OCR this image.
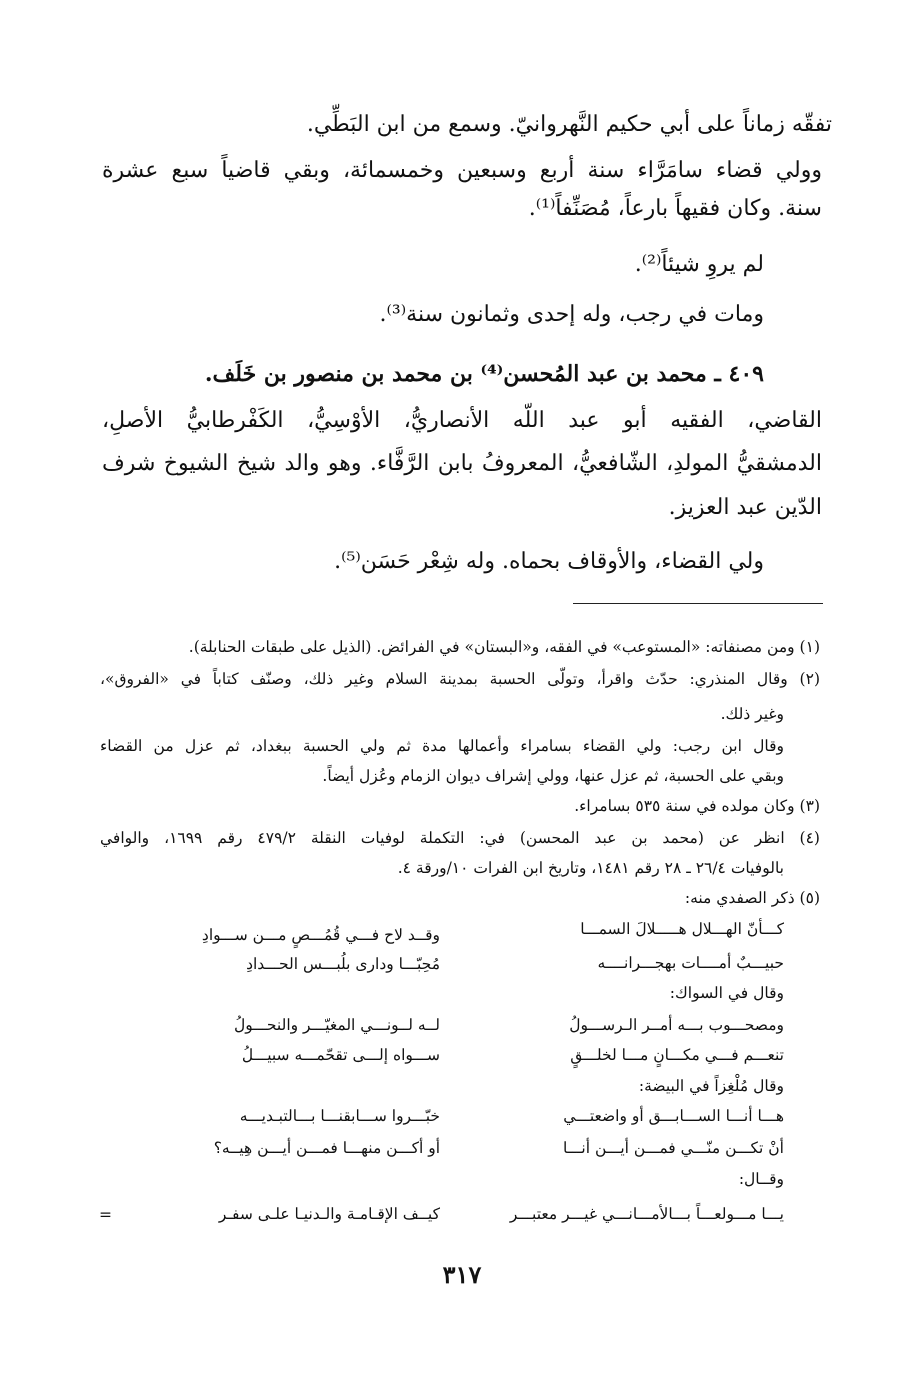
تفقّه زماناً على أبي حكيم النَّهروانيّ. وسمع من ابن البَطِّي.
وولي قضاء سامَرَّاء سنة أربع وسبعين وخمسمائة، وبقي قاضياً سبع عشرة
سنة. وكان فقيهاً بارعاً، مُصَنِّفاً⁽¹⁾.
لم يروِ شيئاً⁽²⁾.
ومات في رجب، وله إحدى وثمانون سنة⁽³⁾.
٤٠٩ ـ محمد بن عبد المُحسن⁽⁴⁾ بن محمد بن منصور بن خَلَف.
القاضي، الفقيه أبو عبد اللّه الأنصاريُّ، الأوْسِيُّ، الكَفْرطابيُّ الأصلِ،
الدمشقيُّ المولدِ، الشّافعيُّ، المعروفُ بابن الرَّفَّاء. وهو والد شيخ الشيوخ شرف
الدّين عبد العزيز.
ولي القضاء، والأوقاف بحماه. وله شِعْر حَسَن⁽⁵⁾.
(١) ومن مصنفاته: «المستوعب» في الفقه، و«البستان» في الفرائض. (الذيل على طبقات الحنابلة).
(٢) وقال المنذري: حدّث واقرأ، وتولّى الحسبة بمدينة السلام وغير ذلك، وصنّف كتاباً في «الفروق»،
وغير ذلك.
وقال ابن رجب: ولي القضاء بسامراء وأعمالها مدة ثم ولي الحسبة ببغداد، ثم عزل من القضاء
وبقي على الحسبة، ثم عزل عنها، وولي إشراف ديوان الزمام وعُزل أيضاً.
(٣) وكان مولده في سنة ٥٣٥ بسامراء.
(٤) انظر عن (محمد بن عبد المحسن) في: التكملة لوفيات النقلة ٤٧٩/٢ رقم ١٦٩٩، والوافي
بالوفيات ٢٦/٤ ـ ٢٨ رقم ١٤٨١، وتاريخ ابن الفرات ١٠/ورقة ٤.
(٥) ذكر الصفدي منه:
كـــأنّ الهـــلال هـــــلالَ السمـــا
وقــد لاح فـــي قُمُـــصٍ مـــن ســـوادِ
حبيـــبٌ أمــــات بهجـــرانــــه
مُحِبّـــا وداری بلُبـــس الحـــدادِ
وقال في السواك:
ومصحـــوب بـــه أمــر الـرســـولُ
لــه لــونـــي المغيّـــر والنحـــولُ
تنعـــم فـــي مكـــانٍ مـــا لخلـــقٍ
ســـواه إلـــى تقحّمـــه سبيـــلُ
وقال مُلْغِزاً في البيضة:
هـــا أنـــا الســـابـــق أو واضعتـــي
خبّـــروا ســـابقنـــا بـــالتبـديـــه
أنْ تكـــن منّـــي فمـــن أيـــن أنـــا
أو أكـــن منهـــا فمـــن أيـــن هِيــه؟
وقــال:
يـــا مـــولعـــاً بـــالأمـــانـــي غيـــر معتبـــر
كيــف الإقـامـة والـدنيـا علـى سفـر
=
٣١٧
